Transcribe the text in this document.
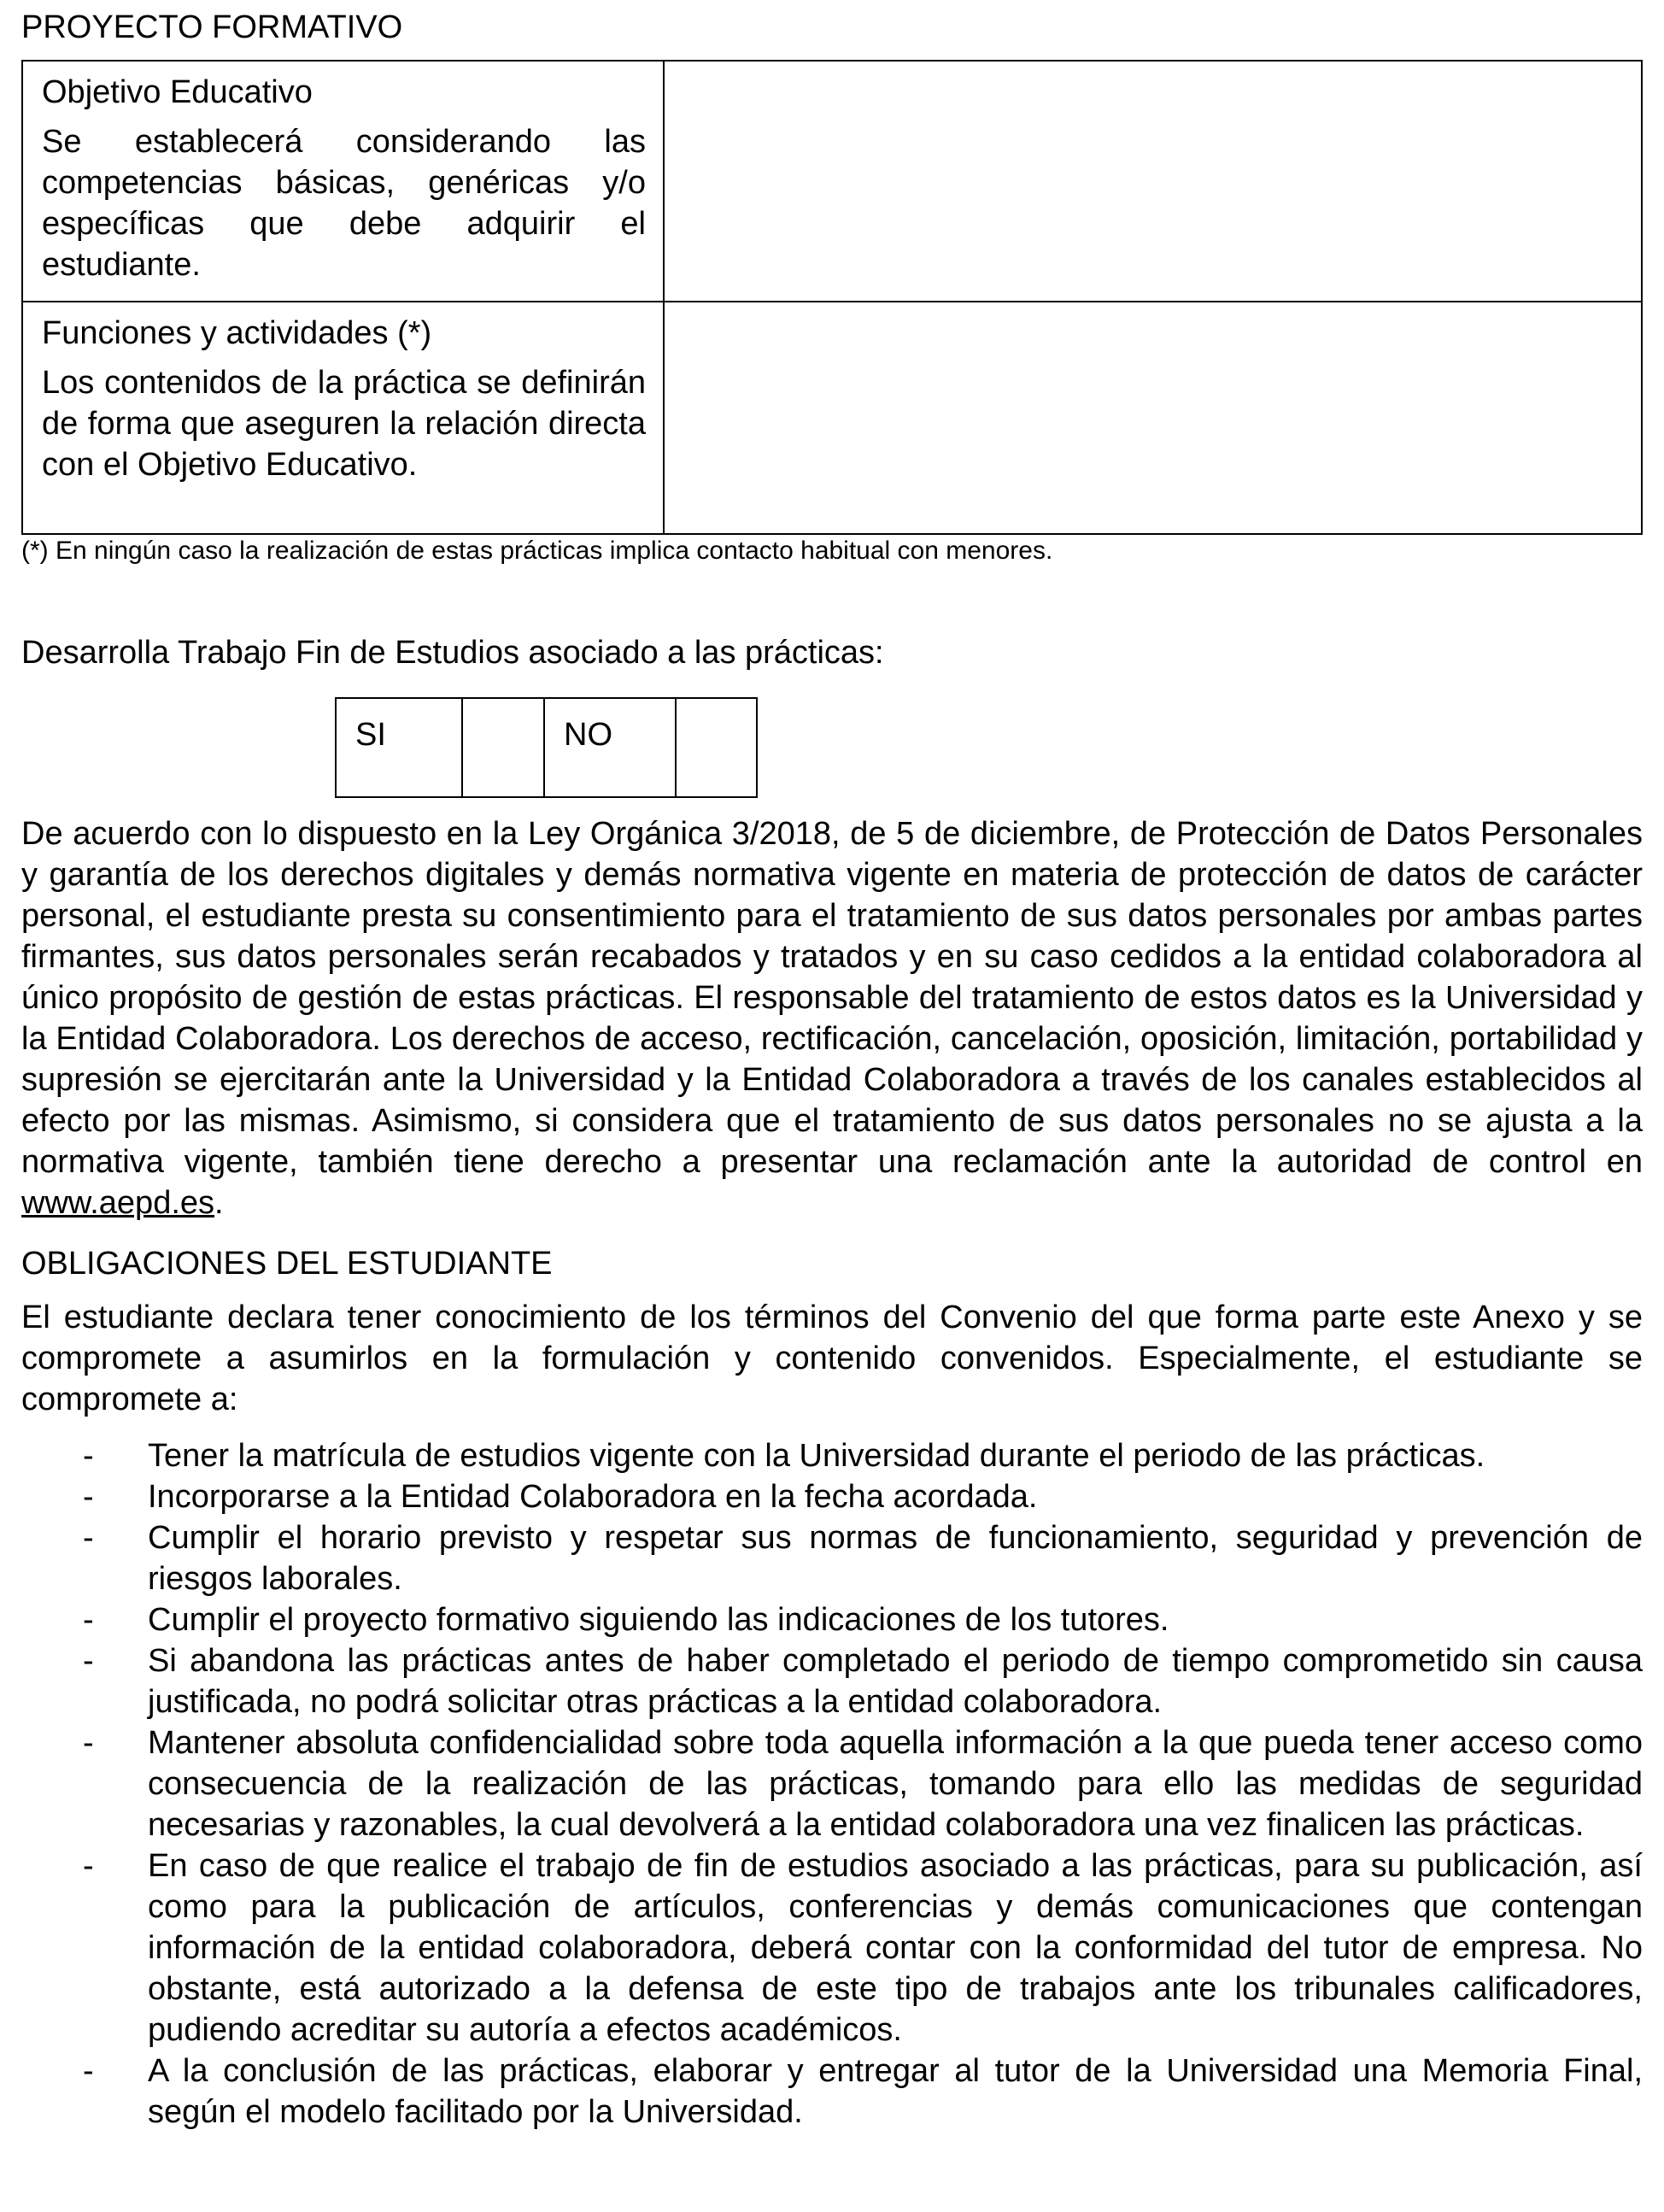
PROYECTO FORMATIVO
Objetivo Educativo

Se establecerá considerando las competencias básicas, genéricas y/o específicas que debe adquirir el estudiante.	

Funciones y actividades (*)

Los contenidos de la práctica se definirán de forma que aseguren la relación directa con el Objetivo Educativo.	

(*) En ningún caso la realización de estas prácticas implica contacto habitual con menores.
Desarrolla Trabajo Fin de Estudios asociado a las prácticas:
SI		NO	

De acuerdo con lo dispuesto en la Ley Orgánica 3/2018, de 5 de diciembre, de Protección de Datos Personales y garantía de los derechos digitales y demás normativa vigente en materia de protección de datos de carácter personal, el estudiante presta su consentimiento para el tratamiento de sus datos personales por ambas partes firmantes, sus datos personales serán recabados y tratados y en su caso cedidos a la entidad colaboradora al único propósito de gestión de estas prácticas. El responsable del tratamiento de estos datos es la Universidad y la Entidad Colaboradora. Los derechos de acceso, rectificación, cancelación, oposición, limitación, portabilidad y supresión se ejercitarán ante la Universidad y la Entidad Colaboradora a través de los canales establecidos al efecto por las mismas. Asimismo, si considera que el tratamiento de sus datos personales no se ajusta a la normativa vigente, también tiene derecho a presentar una reclamación ante la autoridad de control en www.aepd.es.

OBLIGACIONES DEL ESTUDIANTE
El estudiante declara tener conocimiento de los términos del Convenio del que forma parte este Anexo y se compromete a asumirlos en la formulación y contenido convenidos. Especialmente, el estudiante se compromete a:
- Tener la matrícula de estudios vigente con la Universidad durante el periodo de las prácticas.
- Incorporarse a la Entidad Colaboradora en la fecha acordada.
- Cumplir el horario previsto y respetar sus normas de funcionamiento, seguridad y prevención de riesgos laborales.
- Cumplir el proyecto formativo siguiendo las indicaciones de los tutores.
- Si abandona las prácticas antes de haber completado el periodo de tiempo comprometido sin causa justificada, no podrá solicitar otras prácticas a la entidad colaboradora.
- Mantener absoluta confidencialidad sobre toda aquella información a la que pueda tener acceso como consecuencia de la realización de las prácticas, tomando para ello las medidas de seguridad necesarias y razonables, la cual devolverá a la entidad colaboradora una vez finalicen las prácticas.
- En caso de que realice el trabajo de fin de estudios asociado a las prácticas, para su publicación, así como para la publicación de artículos, conferencias y demás comunicaciones que contengan información de la entidad colaboradora, deberá contar con la conformidad del tutor de empresa. No obstante, está autorizado a la defensa de este tipo de trabajos ante los tribunales calificadores, pudiendo acreditar su autoría a efectos académicos.
- A la conclusión de las prácticas, elaborar y entregar al tutor de la Universidad una Memoria Final, según el modelo facilitado por la Universidad.
